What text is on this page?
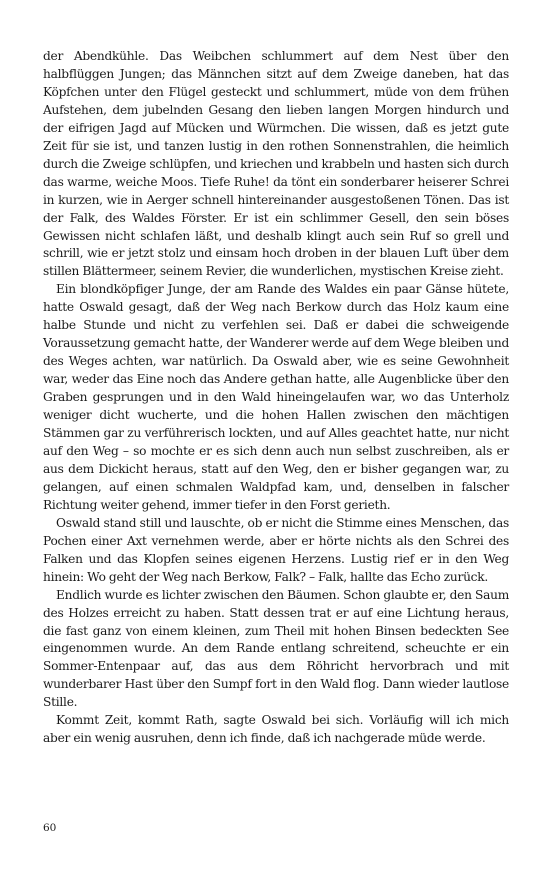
der Abendkühle. Das Weibchen schlummert auf dem Nest über den halbflüggen Jungen; das Männchen sitzt auf dem Zweige daneben, hat das Köpfchen unter den Flügel gesteckt und schlummert, müde von dem frühen Aufstehen, dem jubelnden Gesang den lieben langen Morgen hindurch und der eifrigen Jagd auf Mücken und Würmchen. Die wissen, daß es jetzt gute Zeit für sie ist, und tanzen lustig in den rothen Sonnenstrahlen, die heimlich durch die Zweige schlüpfen, und kriechen und krabbeln und hasten sich durch das warme, weiche Moos. Tiefe Ruhe! da tönt ein sonderbarer heiserer Schrei in kurzen, wie in Aerger schnell hintereinander ausgestoßenen Tönen. Das ist der Falk, des Waldes Förster. Er ist ein schlimmer Gesell, den sein böses Gewissen nicht schlafen läßt, und deshalb klingt auch sein Ruf so grell und schrill, wie er jetzt stolz und einsam hoch droben in der blauen Luft über dem stillen Blättermeer, seinem Revier, die wunderlichen, mystischen Kreise zieht.

Ein blondköpfiger Junge, der am Rande des Waldes ein paar Gänse hütete, hatte Oswald gesagt, daß der Weg nach Berkow durch das Holz kaum eine halbe Stunde und nicht zu verfehlen sei. Daß er dabei die schweigende Voraussetzung gemacht hatte, der Wanderer werde auf dem Wege bleiben und des Weges achten, war natürlich. Da Oswald aber, wie es seine Gewohnheit war, weder das Eine noch das Andere gethan hatte, alle Augenblicke über den Graben gesprungen und in den Wald hineingelaufen war, wo das Unterholz weniger dicht wucherte, und die hohen Hallen zwischen den mächtigen Stämmen gar zu verführerisch lockten, und auf Alles geachtet hatte, nur nicht auf den Weg – so mochte er es sich denn auch nun selbst zuschreiben, als er aus dem Dickicht heraus, statt auf den Weg, den er bisher gegangen war, zu gelangen, auf einen schmalen Waldpfad kam, und, denselben in falscher Richtung weiter gehend, immer tiefer in den Forst gerieth.

Oswald stand still und lauschte, ob er nicht die Stimme eines Menschen, das Pochen einer Axt vernehmen werde, aber er hörte nichts als den Schrei des Falken und das Klopfen seines eigenen Herzens. Lustig rief er in den Weg hinein: Wo geht der Weg nach Berkow, Falk? – Falk, hallte das Echo zurück.

Endlich wurde es lichter zwischen den Bäumen. Schon glaubte er, den Saum des Holzes erreicht zu haben. Statt dessen trat er auf eine Lichtung heraus, die fast ganz von einem kleinen, zum Theil mit hohen Binsen bedeckten See eingenommen wurde. An dem Rande entlang schreitend, scheuchte er ein Sommer-Entenpaar auf, das aus dem Röhricht hervorbrach und mit wunderbarer Hast über den Sumpf fort in den Wald flog. Dann wieder lautlose Stille.

Kommt Zeit, kommt Rath, sagte Oswald bei sich. Vorläufig will ich mich aber ein wenig ausruhen, denn ich finde, daß ich nachgerade müde werde.

60
